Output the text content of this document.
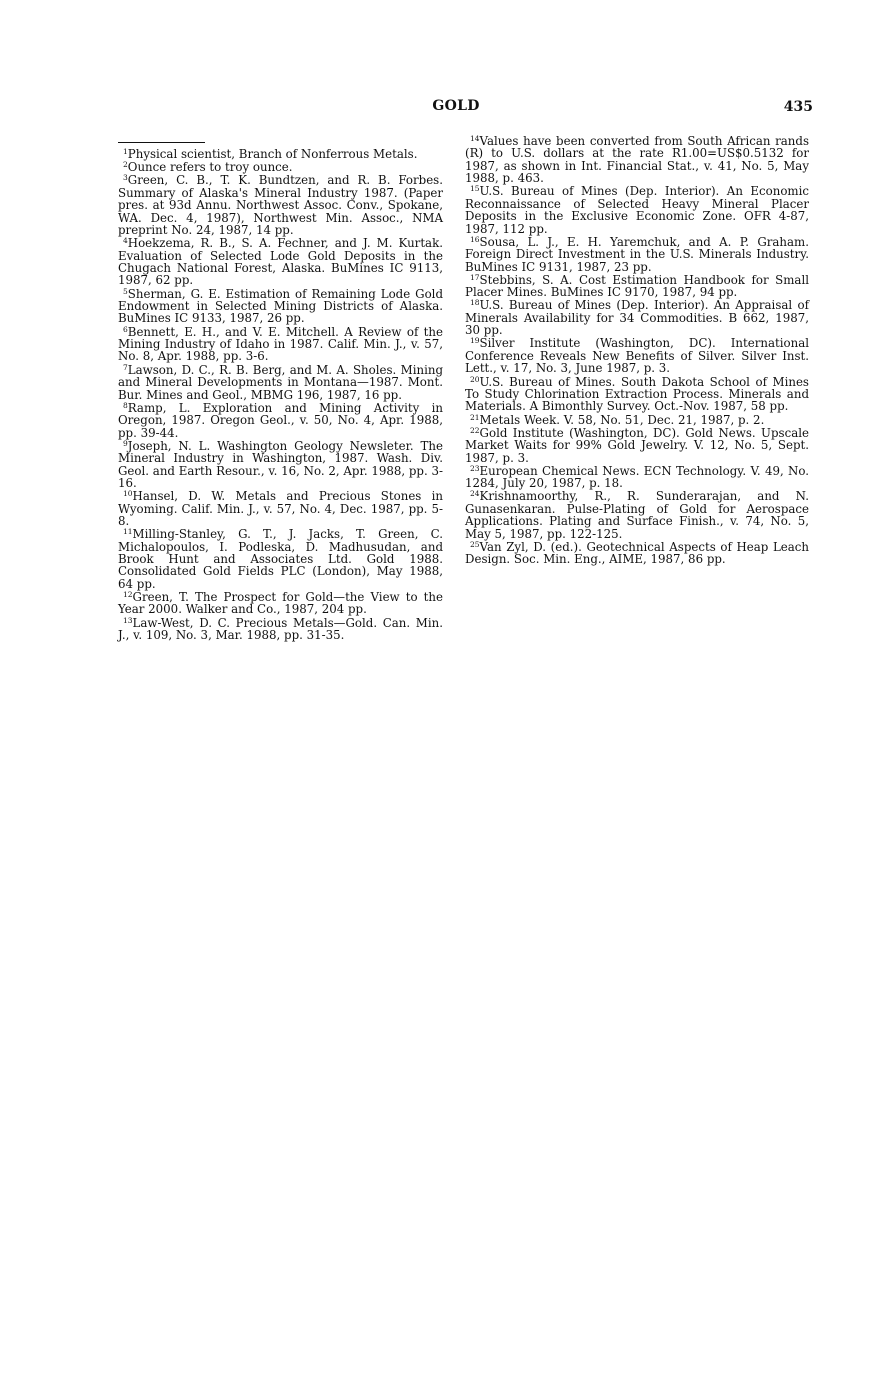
GOLD	435

$^1$Physical scientist, Branch of Nonferrous Metals.

$^2$Ounce refers to troy ounce.

$^3$Green, C. B., T. K. Bundtzen, and R. B. Forbes. Summary of Alaska's Mineral Industry 1987. (Paper pres. at 93d Annu. Northwest Assoc. Conv., Spokane, WA. Dec. 4, 1987), Northwest Min. Assoc., NMA preprint No. 24, 1987, 14 pp.

$^4$Hoekzema, R. B., S. A. Fechner, and J. M. Kurtak. Evaluation of Selected Lode Gold Deposits in the Chugach National Forest, Alaska. BuMines IC 9113, 1987, 62 pp.

$^5$Sherman, G. E. Estimation of Remaining Lode Gold Endowment in Selected Mining Districts of Alaska. BuMines IC 9133, 1987, 26 pp.

$^6$Bennett, E. H., and V. E. Mitchell. A Review of the Mining Industry of Idaho in 1987. Calif. Min. J., v. 57, No. 8, Apr. 1988, pp. 3-6.

$^7$Lawson, D. C., R. B. Berg, and M. A. Sholes. Mining and Mineral Developments in Montana—1987. Mont. Bur. Mines and Geol., MBMG 196, 1987, 16 pp.

$^8$Ramp, L. Exploration and Mining Activity in Oregon, 1987. Oregon Geol., v. 50, No. 4, Apr. 1988, pp. 39-44.

$^9$Joseph, N. L. Washington Geology Newsleter. The Mineral Industry in Washington, 1987. Wash. Div. Geol. and Earth Resour., v. 16, No. 2, Apr. 1988, pp. 3-16.

$^{10}$Hansel, D. W. Metals and Precious Stones in Wyoming. Calif. Min. J., v. 57, No. 4, Dec. 1987, pp. 5-8.

$^{11}$Milling-Stanley, G. T., J. Jacks, T. Green, C. Michalopoulos, I. Podleska, D. Madhusudan, and Brook Hunt and Associates Ltd. Gold 1988. Consolidated Gold Fields PLC (London), May 1988, 64 pp.

$^{12}$Green, T. The Prospect for Gold—the View to the Year 2000. Walker and Co., 1987, 204 pp.

$^{13}$Law-West, D. C. Precious Metals—Gold. Can. Min. J., v. 109, No. 3, Mar. 1988, pp. 31-35.

$^{14}$Values have been converted from South African rands (R) to U.S. dollars at the rate R1.00=US$0.5132 for 1987, as shown in Int. Financial Stat., v. 41, No. 5, May 1988, p. 463.

$^{15}$U.S. Bureau of Mines (Dep. Interior). An Economic Reconnaissance of Selected Heavy Mineral Placer Deposits in the Exclusive Economic Zone. OFR 4-87, 1987, 112 pp.

$^{16}$Sousa, L. J., E. H. Yaremchuk, and A. P. Graham. Foreign Direct Investment in the U.S. Minerals Industry. BuMines IC 9131, 1987, 23 pp.

$^{17}$Stebbins, S. A. Cost Estimation Handbook for Small Placer Mines. BuMines IC 9170, 1987, 94 pp.

$^{18}$U.S. Bureau of Mines (Dep. Interior). An Appraisal of Minerals Availability for 34 Commodities. B 662, 1987, 30 pp.

$^{19}$Silver Institute (Washington, DC). International Conference Reveals New Benefits of Silver. Silver Inst. Lett., v. 17, No. 3, June 1987, p. 3.

$^{20}$U.S. Bureau of Mines. South Dakota School of Mines To Study Chlorination Extraction Process. Minerals and Materials. A Bimonthly Survey. Oct.-Nov. 1987, 58 pp.

$^{21}$Metals Week. V. 58, No. 51, Dec. 21, 1987, p. 2.

$^{22}$Gold Institute (Washington, DC). Gold News. Upscale Market Waits for 99% Gold Jewelry. V. 12, No. 5, Sept. 1987, p. 3.

$^{23}$European Chemical News. ECN Technology. V. 49, No. 1284, July 20, 1987, p. 18.

$^{24}$Krishnamoorthy, R., R. Sunderarajan, and N. Gunasenkaran. Pulse-Plating of Gold for Aerospace Applications. Plating and Surface Finish., v. 74, No. 5, May 5, 1987, pp. 122-125.

$^{25}$Van Zyl, D. (ed.). Geotechnical Aspects of Heap Leach Design. Soc. Min. Eng., AIME, 1987, 86 pp.
